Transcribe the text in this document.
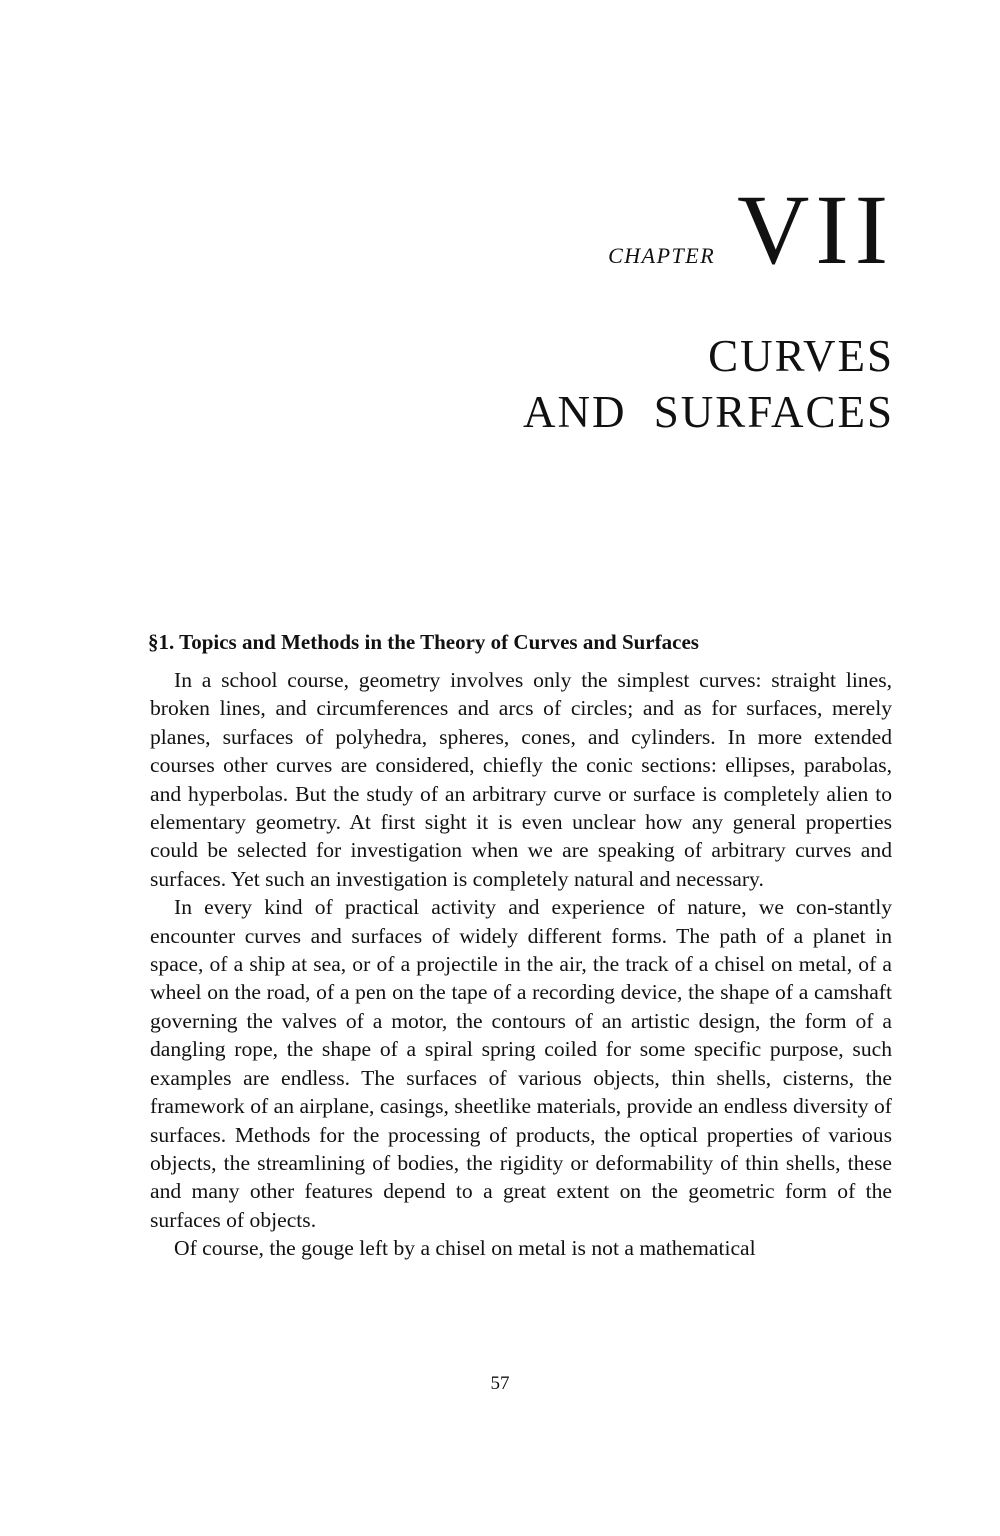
CHAPTER VII
CURVES
AND SURFACES
§1. Topics and Methods in the Theory of Curves and Surfaces

In a school course, geometry involves only the simplest curves: straight lines, broken lines, and circumferences and arcs of circles; and as for surfaces, merely planes, surfaces of polyhedra, spheres, cones, and cylinders. In more extended courses other curves are considered, chiefly the conic sections: ellipses, parabolas, and hyperbolas. But the study of an arbitrary curve or surface is completely alien to elementary geometry. At first sight it is even unclear how any general properties could be selected for investigation when we are speaking of arbitrary curves and surfaces. Yet such an investigation is completely natural and necessary.

In every kind of practical activity and experience of nature, we con-stantly encounter curves and surfaces of widely different forms. The path of a planet in space, of a ship at sea, or of a projectile in the air, the track of a chisel on metal, of a wheel on the road, of a pen on the tape of a recording device, the shape of a camshaft governing the valves of a motor, the contours of an artistic design, the form of a dangling rope, the shape of a spiral spring coiled for some specific purpose, such examples are endless. The surfaces of various objects, thin shells, cisterns, the framework of an airplane, casings, sheetlike materials, provide an endless diversity of surfaces. Methods for the processing of products, the optical properties of various objects, the streamlining of bodies, the rigidity or deformability of thin shells, these and many other features depend to a great extent on the geometric form of the surfaces of objects.

Of course, the gouge left by a chisel on metal is not a mathematical

57
